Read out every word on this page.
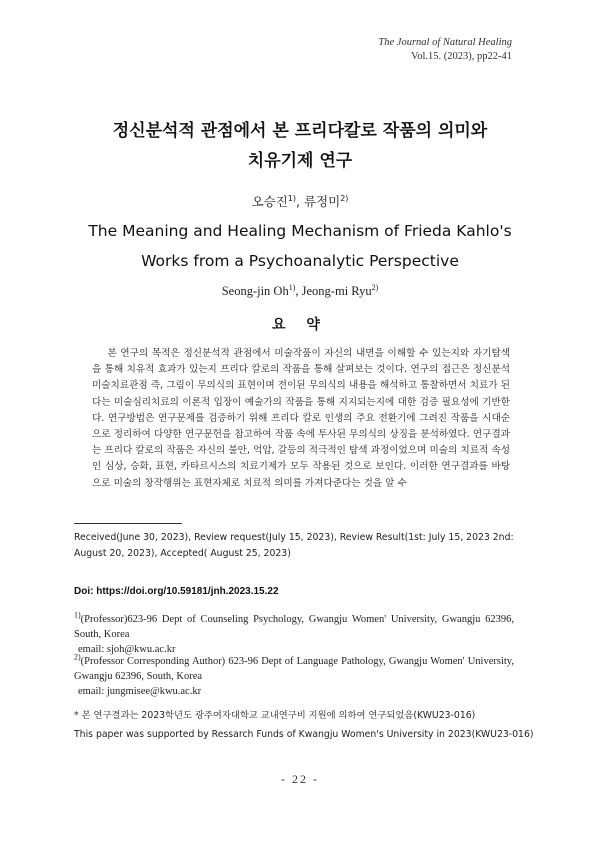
The Journal of Natural Healing
Vol.15. (2023), pp22-41
정신분석적 관점에서 본 프리다칼로 작품의 의미와
치유기제 연구
오승진$^{1)}$, 류정미$^{2)}$
The Meaning and Healing Mechanism of Frieda Kahlo's
Works from a Psychoanalytic Perspective
Seong-jin Oh$^{1)}$, Jeong-mi Ryu$^{2)}$
요 약
본 연구의 목적은 정신분석적 관점에서 미술작품이 자신의 내면을 이해할 수 있는지와 자기탐색을 통해 치유적 효과가 있는지 프리다 칼로의 작품을 통해 살펴보는 것이다. 연구의 접근은 정신분석 미술치료관점 즉, 그림이 무의식의 표현이며 전이된 무의식의 내용을 해석하고 통찰하면서 치료가 된다는 미술심리치료의 이론적 입장이 예술가의 작품을 통해 지지되는지에 대한 검증 필요성에 기반한다. 연구방법은 연구문제를 검증하기 위해 프리다 칼로 인생의 주요 전환기에 그려진 작품을 시대순으로 정리하여 다양한 연구문헌을 참고하여 작품 속에 투사된 무의식의 상징을 분석하였다. 연구결과는 프리다 칼로의 작품은 자신의 불안, 억압, 갈등의 적극적인 탐색 과정이었으며 미술의 치료적 속성인 심상, 승화, 표현, 카타르시스의 치료기제가 모두 작용된 것으로 보인다. 이러한 연구결과를 바탕으로 미술의 창작행위는 표현자체로 치료적 의미를 가져다준다는 것을 알 수
Received(June 30, 2023), Review request(July 15, 2023), Review Result(1st: July 15, 2023 2nd: August 20, 2023), Accepted( August 25, 2023)
Doi: https://doi.org/10.59181/jnh.2023.15.22
$^{1)}$(Professor)623-96 Dept of Counseling Psychology, Gwangju Women' University, Gwangju 62396, South, Korea
email: sjoh@kwu.ac.kr
$^{2)}$(Professor Corresponding Author) 623-96 Dept of Language Pathology, Gwangju Women' University, Gwangju 62396, South, Korea
email: jungmisee@kwu.ac.kr
* 본 연구결과는 2023학년도 광주여자대학교 교내연구비 지원에 의하여 연구되었음(KWU23-016)
This paper was supported by Ressarch Funds of Kwangju Women's University in 2023(KWU23-016)
- 22 -
